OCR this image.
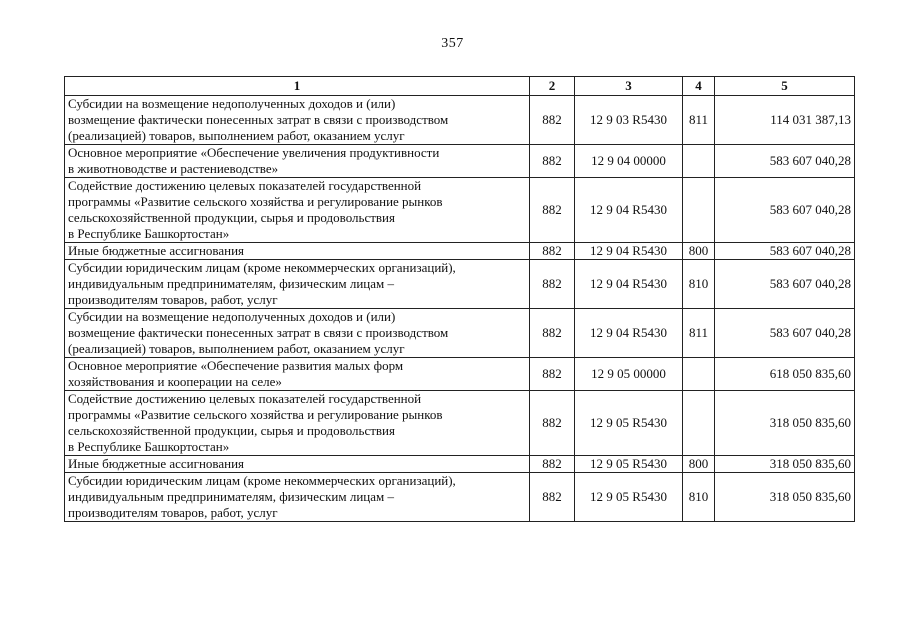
357
1	2	3	4	5

Субсидии на возмещение недополученных доходов и (или)
возмещение фактически понесенных затрат в связи с производством
(реализацией) товаров, выполнением работ, оказанием услуг	882	12 9 03 R5430	811	114 031 387,13

Основное мероприятие «Обеспечение увеличения продуктивности
в животноводстве и растениеводстве»	882	12 9 04 00000		583 607 040,28

Содействие достижению целевых показателей государственной
программы «Развитие сельского хозяйства и регулирование рынков
сельскохозяйственной продукции, сырья и продовольствия
в Республике Башкортостан»	882	12 9 04 R5430		583 607 040,28

Иные бюджетные ассигнования	882	12 9 04 R5430	800	583 607 040,28

Субсидии юридическим лицам (кроме некоммерческих организаций),
индивидуальным предпринимателям, физическим лицам –
производителям товаров, работ, услуг	882	12 9 04 R5430	810	583 607 040,28

Субсидии на возмещение недополученных доходов и (или)
возмещение фактически понесенных затрат в связи с производством
(реализацией) товаров, выполнением работ, оказанием услуг	882	12 9 04 R5430	811	583 607 040,28

Основное мероприятие «Обеспечение развития малых форм
хозяйствования и кооперации на селе»	882	12 9 05 00000		618 050 835,60

Содействие достижению целевых показателей государственной
программы «Развитие сельского хозяйства и регулирование рынков
сельскохозяйственной продукции, сырья и продовольствия
в Республике Башкортостан»	882	12 9 05 R5430		318 050 835,60

Иные бюджетные ассигнования	882	12 9 05 R5430	800	318 050 835,60

Субсидии юридическим лицам (кроме некоммерческих организаций),
индивидуальным предпринимателям, физическим лицам –
производителям товаров, работ, услуг	882	12 9 05 R5430	810	318 050 835,60
